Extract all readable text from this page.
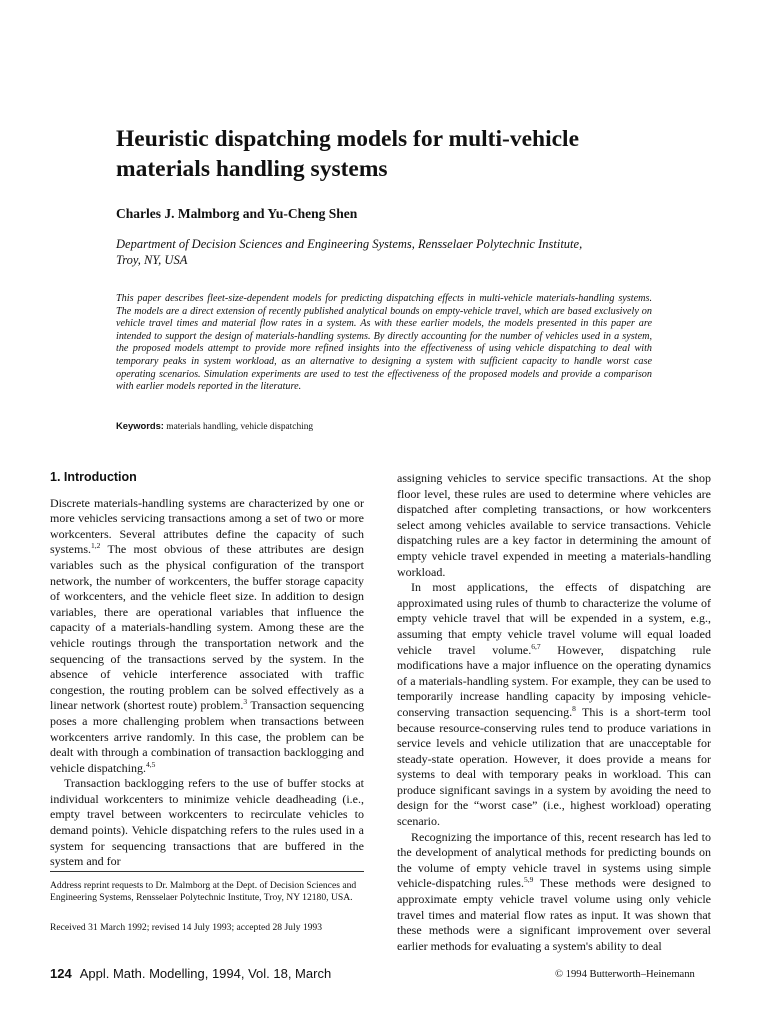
Heuristic dispatching models for multi-vehicle
materials handling systems

Charles J. Malmborg and Yu-Cheng Shen

Department of Decision Sciences and Engineering Systems, Rensselaer Polytechnic Institute,
Troy, NY, USA

This paper describes fleet-size-dependent models for predicting dispatching effects in multi-vehicle materials-handling systems. The models are a direct extension of recently published analytical bounds on empty-vehicle travel, which are based exclusively on vehicle travel times and material flow rates in a system. As with these earlier models, the models presented in this paper are intended to support the design of materials-handling systems. By directly accounting for the number of vehicles used in a system, the proposed models attempt to provide more refined insights into the effectiveness of using vehicle dispatching to deal with temporary peaks in system workload, as an alternative to designing a system with sufficient capacity to handle worst case operating scenarios. Simulation experiments are used to test the effectiveness of the proposed models and provide a comparison with earlier models reported in the literature.

Keywords: materials handling, vehicle dispatching

1. Introduction

Discrete materials-handling systems are characterized by one or more vehicles servicing transactions among a set of two or more workcenters. Several attributes define the capacity of such systems.$^{1,2}$ The most obvious of these attributes are design variables such as the physical configuration of the transport network, the number of workcenters, the buffer storage capacity of workcenters, and the vehicle fleet size. In addition to design variables, there are operational variables that influence the capacity of a materials-handling system. Among these are the vehicle routings through the transportation network and the sequencing of the transactions served by the system. In the absence of vehicle interference associated with traffic congestion, the routing problem can be solved effectively as a linear network (shortest route) problem.$^3$ Transaction sequencing poses a more challenging problem when transactions between workcenters arrive randomly. In this case, the problem can be dealt with through a combination of transaction backlogging and vehicle dispatching.$^{4,5}$

Transaction backlogging refers to the use of buffer stocks at individual workcenters to minimize vehicle deadheading (i.e., empty travel between workcenters to recirculate vehicles to demand points). Vehicle dispatching refers to the rules used in a system for sequencing transactions that are buffered in the system and for

assigning vehicles to service specific transactions. At the shop floor level, these rules are used to determine where vehicles are dispatched after completing transactions, or how workcenters select among vehicles available to service transactions. Vehicle dispatching rules are a key factor in determining the amount of empty vehicle travel expended in meeting a materials-handling workload.

In most applications, the effects of dispatching are approximated using rules of thumb to characterize the volume of empty vehicle travel that will be expended in a system, e.g., assuming that empty vehicle travel volume will equal loaded vehicle travel volume.$^{6,7}$ However, dispatching rule modifications have a major influence on the operating dynamics of a materials-handling system. For example, they can be used to temporarily increase handling capacity by imposing vehicle-conserving transaction sequencing.$^8$ This is a short-term tool because resource-conserving rules tend to produce variations in service levels and vehicle utilization that are unacceptable for steady-state operation. However, it does provide a means for systems to deal with temporary peaks in workload. This can produce significant savings in a system by avoiding the need to design for the “worst case” (i.e., highest workload) operating scenario.

Recognizing the importance of this, recent research has led to the development of analytical methods for predicting bounds on the volume of empty vehicle travel in systems using simple vehicle-dispatching rules.$^{5,9}$ These methods were designed to approximate empty vehicle travel volume using only vehicle travel times and material flow rates as input. It was shown that these methods were a significant improvement over several earlier methods for evaluating a system's ability to deal

Address reprint requests to Dr. Malmborg at the Dept. of Decision Sciences and Engineering Systems, Rensselaer Polytechnic Institute, Troy, NY 12180, USA.

Received 31 March 1992; revised 14 July 1993; accepted 28 July 1993

124 Appl. Math. Modelling, 1994, Vol. 18, March	© 1994 Butterworth–Heinemann
